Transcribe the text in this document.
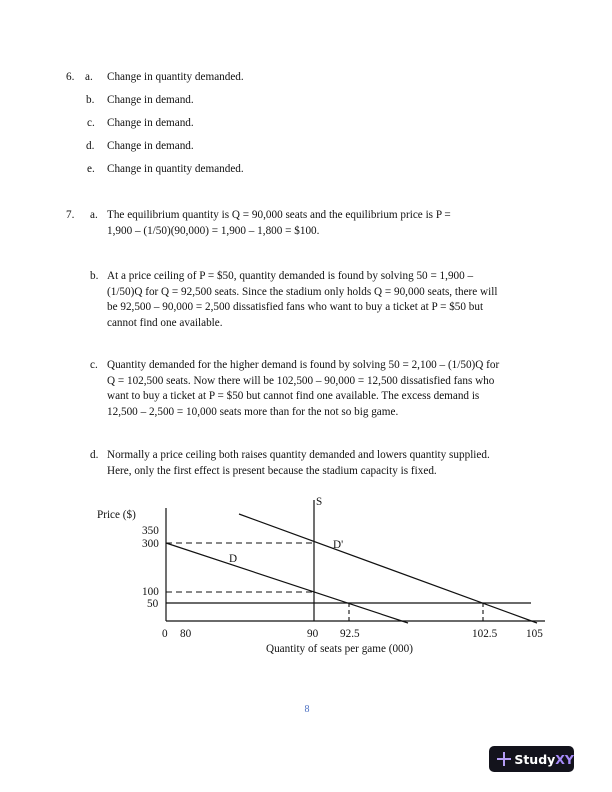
6. a. Change in quantity demanded.
b. Change in demand.
c. Change in demand.
d. Change in demand.
e. Change in quantity demanded.
7. a. The equilibrium quantity is Q = 90,000 seats and the equilibrium price is P =
1,900 – (1/50)(90,000) = 1,900 – 1,800 = $100.
b. At a price ceiling of P = $50, quantity demanded is found by solving 50 = 1,900 –
(1/50)Q for Q = 92,500 seats. Since the stadium only holds Q = 90,000 seats, there will
be 92,500 – 90,000 = 2,500 dissatisfied fans who want to buy a ticket at P = $50 but
cannot find one available.
c. Quantity demanded for the higher demand is found by solving 50 = 2,100 – (1/50)Q for
Q = 102,500 seats. Now there will be 102,500 – 90,000 = 12,500 dissatisfied fans who
want to buy a ticket at P = $50 but cannot find one available. The excess demand is
12,500 – 2,500 = 10,000 seats more than for the not so big game.
d. Normally a price ceiling both raises quantity demanded and lowers quantity supplied.
Here, only the first effect is present because the stadium capacity is fixed.
Price ($)
S
D
D'
350
300
100
50
0 80	90 92.5	102.5	105
Quantity of seats per game (000)
8
Study XY
